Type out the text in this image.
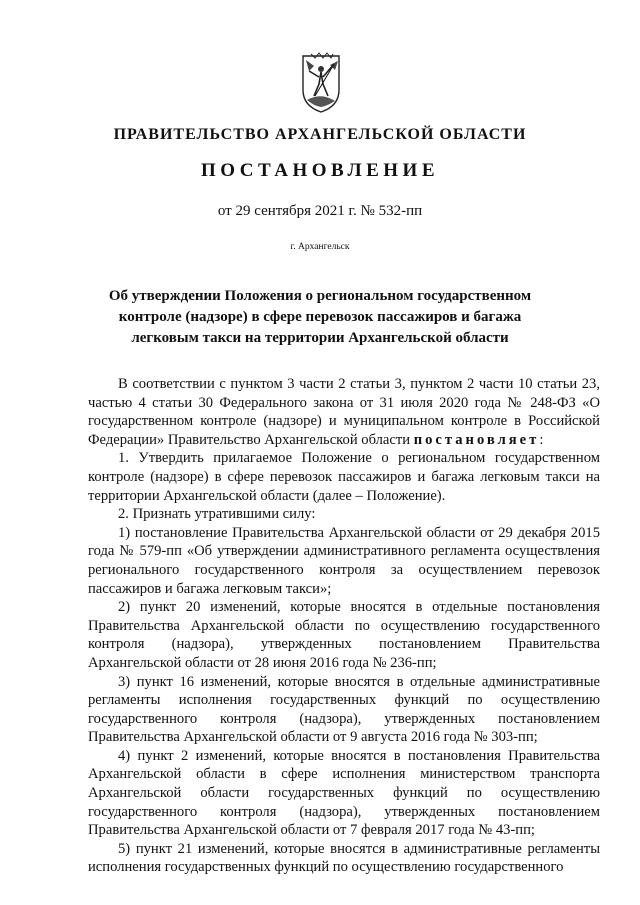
ПРАВИТЕЛЬСТВО АРХАНГЕЛЬСКОЙ ОБЛАСТИ
ПОСТАНОВЛЕНИЕ
от 29 сентября 2021 г. № 532-пп
г. Архангельск
Об утверждении Положения о региональном государственном
контроле (надзоре) в сфере перевозок пассажиров и багажа
легковым такси на территории Архангельской области

В соответствии с пунктом 3 части 2 статьи 3, пунктом 2 части 10 статьи 23, частью 4 статьи 30 Федерального закона от 31 июля 2020 года № 248-ФЗ «О государственном контроле (надзоре) и муниципальном контроле в Российской Федерации» Правительство Архангельской области постановляет:

1. Утвердить прилагаемое Положение о региональном государственном контроле (надзоре) в сфере перевозок пассажиров и багажа легковым такси на территории Архангельской области (далее – Положение).

2. Признать утратившими силу:

1) постановление Правительства Архангельской области от 29 декабря 2015 года № 579-пп «Об утверждении административного регламента осуществления регионального государственного контроля за осуществлением перевозок пассажиров и багажа легковым такси»;

2) пункт 20 изменений, которые вносятся в отдельные постановления Правительства Архангельской области по осуществлению государственного контроля (надзора), утвержденных постановлением Правительства Архангельской области от 28 июня 2016 года № 236-пп;

3) пункт 16 изменений, которые вносятся в отдельные административные регламенты исполнения государственных функций по осуществлению государственного контроля (надзора), утвержденных постановлением Правительства Архангельской области от 9 августа 2016 года № 303-пп;

4) пункт 2 изменений, которые вносятся в постановления Правительства Архангельской области в сфере исполнения министерством транспорта Архангельской области государственных функций по осуществлению государственного контроля (надзора), утвержденных постановлением Правительства Архангельской области от 7 февраля 2017 года № 43-пп;

5) пункт 21 изменений, которые вносятся в административные регламенты исполнения государственных функций по осуществлению государственного
